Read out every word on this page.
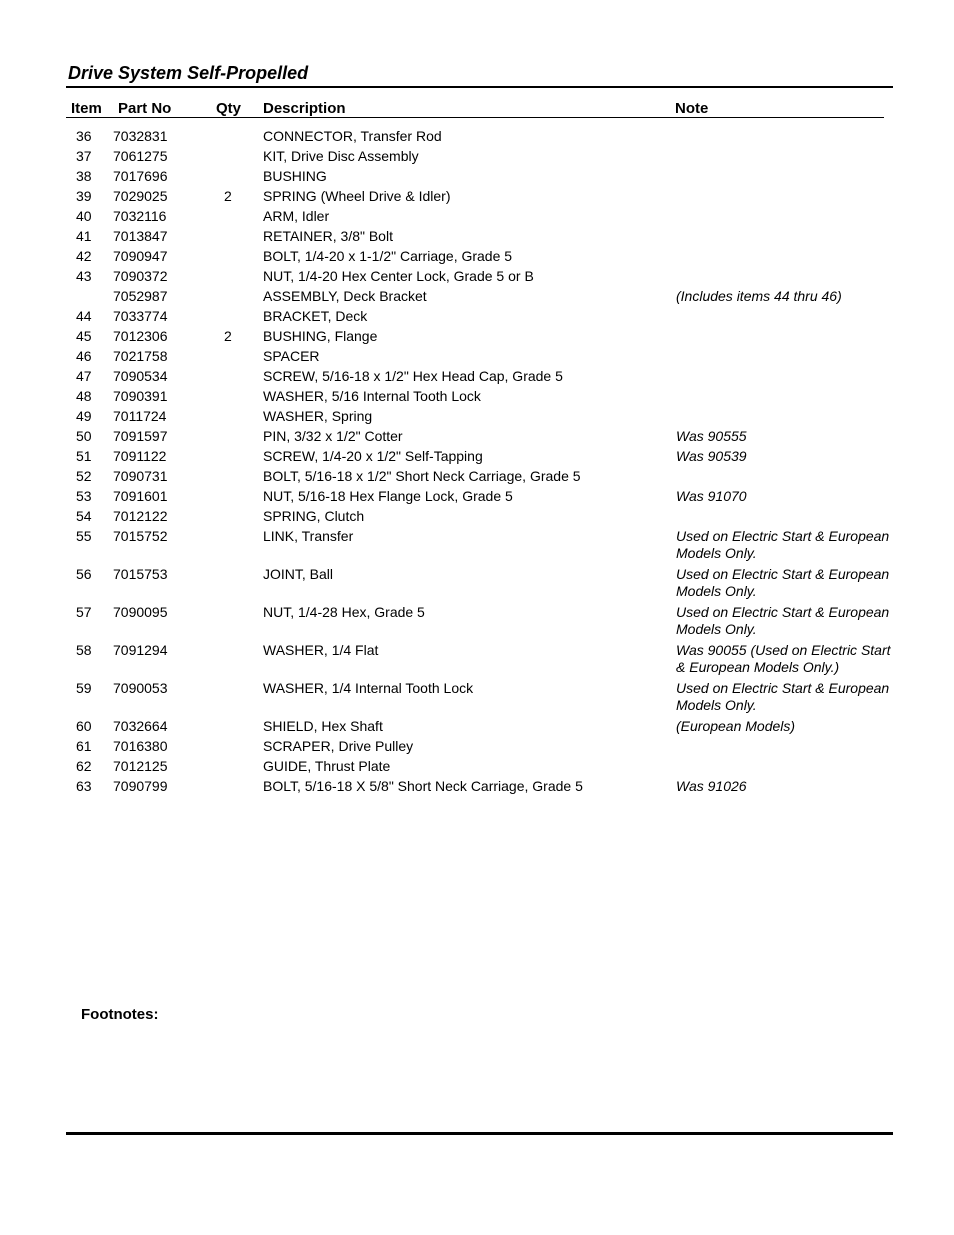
Drive System Self-Propelled
Item Part No	Qty Description	Note
36 7032831	CONNECTOR, Transfer Rod
37 7061275	KIT, Drive Disc Assembly
38 7017696	BUSHING
39 7029025	2 SPRING (Wheel Drive & Idler)
40 7032116	ARM, Idler
41 7013847	RETAINER, 3/8" Bolt
42 7090947	BOLT, 1/4-20 x 1-1/2" Carriage, Grade 5
43 7090372	NUT, 1/4-20 Hex Center Lock, Grade 5 or B
7052987	ASSEMBLY, Deck Bracket	(Includes items 44 thru 46)
44 7033774	BRACKET, Deck
45 7012306	2 BUSHING, Flange
46 7021758	SPACER
47 7090534	SCREW, 5/16-18 x 1/2" Hex Head Cap, Grade 5
48 7090391	WASHER, 5/16 Internal Tooth Lock
49 7011724	WASHER, Spring
50 7091597	PIN, 3/32 x 1/2" Cotter	Was 90555
51 7091122	SCREW, 1/4-20 x 1/2" Self-Tapping	Was 90539
52 7090731	BOLT, 5/16-18 x 1/2" Short Neck Carriage, Grade 5
53 7091601	NUT, 5/16-18 Hex Flange Lock, Grade 5	Was 91070
54 7012122	SPRING, Clutch
55 7015752	LINK, Transfer	Used on Electric Start & European Models Only.
56 7015753	JOINT, Ball	Used on Electric Start & European Models Only.
57 7090095	NUT, 1/4-28 Hex, Grade 5	Used on Electric Start & European Models Only.
58 7091294	WASHER, 1/4 Flat	Was 90055 (Used on Electric Start & European Models Only.)
59 7090053	WASHER, 1/4 Internal Tooth Lock	Used on Electric Start & European Models Only.
60 7032664	SHIELD, Hex Shaft	(European Models)
61 7016380	SCRAPER, Drive Pulley
62 7012125	GUIDE, Thrust Plate
63 7090799	BOLT, 5/16-18 X 5/8" Short Neck Carriage, Grade 5	Was 91026
Footnotes:
